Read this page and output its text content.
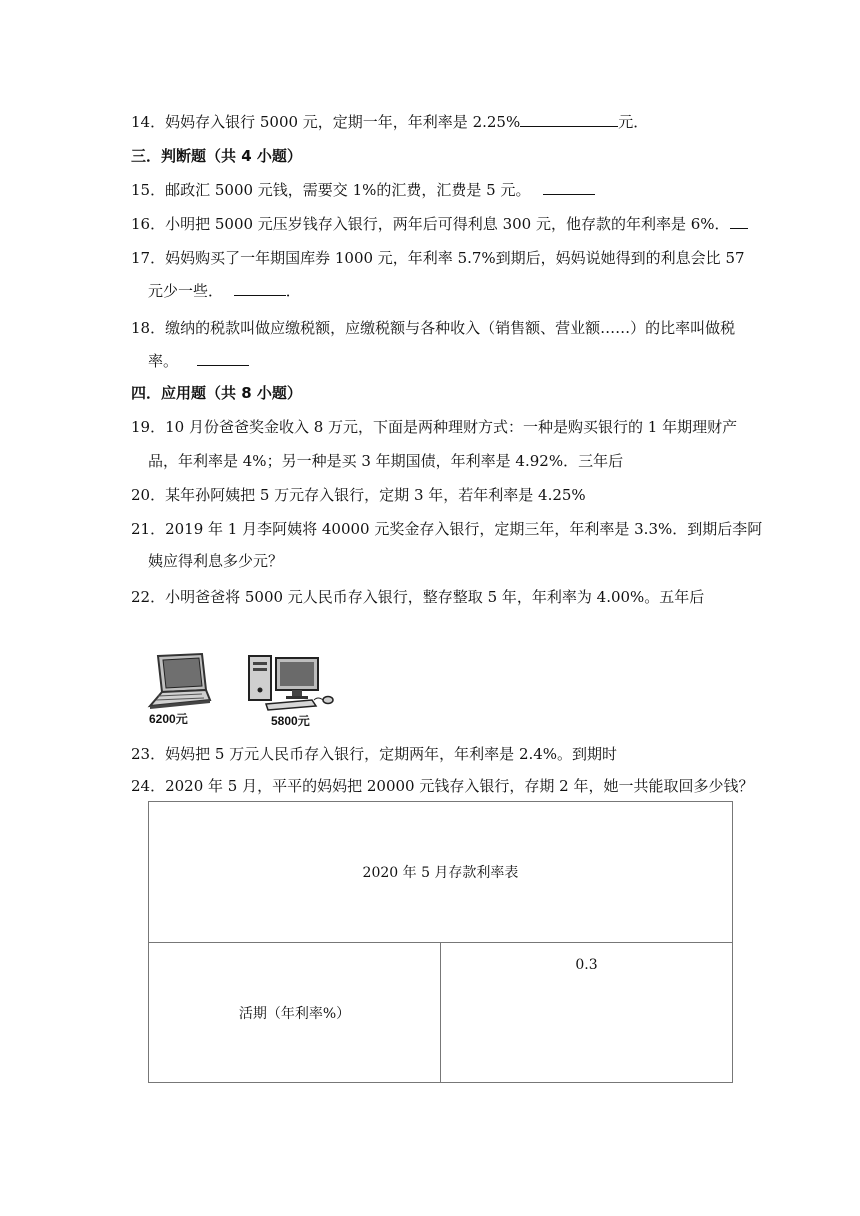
14．妈妈存入银行 5000 元，定期一年，年利率是 2.25%	元．
三．判断题（共 4 小题）
15．邮政汇 5000 元钱，需要交 1%的汇费，汇费是 5 元。
16．小明把 5000 元压岁钱存入银行，两年后可得利息 300 元，他存款的年利率是 6%．
17．妈妈购买了一年期国库券 1000 元，年利率 5.7%到期后，妈妈说她得到的利息会比 57
元少一些．	．
18．缴纳的税款叫做应缴税额，应缴税额与各种收入（销售额、营业额……）的比率叫做税
率。
四．应用题（共 8 小题）
19．10 月份爸爸奖金收入 8 万元，下面是两种理财方式：一种是购买银行的 1 年期理财产
品，年利率是 4%；另一种是买 3 年期国债，年利率是 4.92%．三年后
20．某年孙阿姨把 5 万元存入银行，定期 3 年，若年利率是 4.25%
21．2019 年 1 月李阿姨将 40000 元奖金存入银行，定期三年，年利率是 3.3%．到期后李阿
姨应得利息多少元？
22．小明爸爸将 5000 元人民币存入银行，整存整取 5 年，年利率为 4.00%。五年后
6200元	5800元
23．妈妈把 5 万元人民币存入银行，定期两年，年利率是 2.4%。到期时
24．2020 年 5 月，平平的妈妈把 20000 元钱存入银行，存期 2 年，她一共能取回多少钱？
2020 年 5 月存款利率表
活期（年利率%）	0.3
